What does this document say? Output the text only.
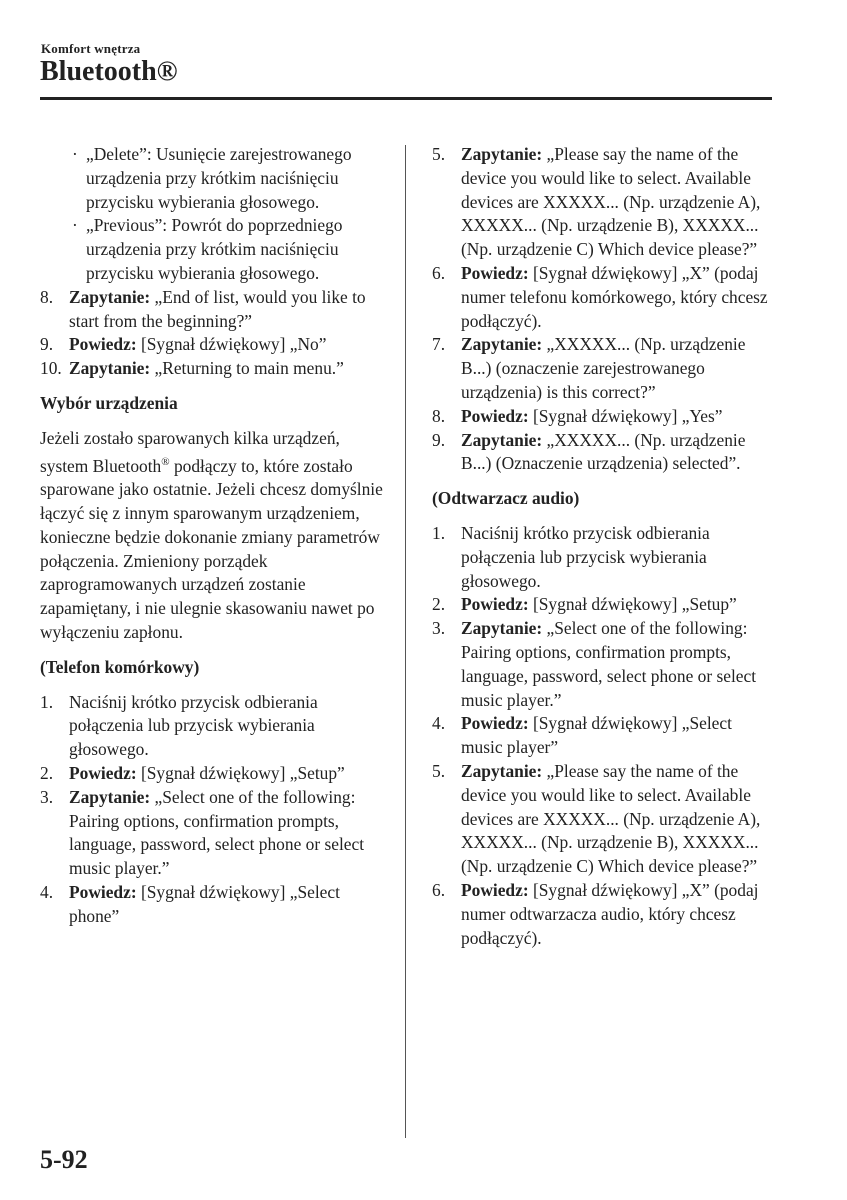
Komfort wnętrza
Bluetooth®
· „Delete”: Usunięcie zarejestrowanego urządzenia przy krótkim naciśnięciu przycisku wybierania głosowego.
· „Previous”: Powrót do poprzedniego urządzenia przy krótkim naciśnięciu przycisku wybierania głosowego.
8. Zapytanie: „End of list, would you like to start from the beginning?”
9. Powiedz: [Sygnał dźwiękowy] „No”
10. Zapytanie: „Returning to main menu.”
Wybór urządzenia
Jeżeli zostało sparowanych kilka urządzeń, system Bluetooth® podłączy to, które zostało sparowane jako ostatnie. Jeżeli chcesz domyślnie łączyć się z innym sparowanym urządzeniem, konieczne będzie dokonanie zmiany parametrów połączenia. Zmieniony porządek zaprogramowanych urządzeń zostanie zapamiętany, i nie ulegnie skasowaniu nawet po wyłączeniu zapłonu.
(Telefon komórkowy)
1. Naciśnij krótko przycisk odbierania połączenia lub przycisk wybierania głosowego.
2. Powiedz: [Sygnał dźwiękowy] „Setup”
3. Zapytanie: „Select one of the following: Pairing options, confirmation prompts, language, password, select phone or select music player.”
4. Powiedz: [Sygnał dźwiękowy] „Select phone”
5. Zapytanie: „Please say the name of the device you would like to select. Available devices are XXXXX... (Np. urządzenie A), XXXXX... (Np. urządzenie B), XXXXX... (Np. urządzenie C) Which device please?”
6. Powiedz: [Sygnał dźwiękowy] „X” (podaj numer telefonu komórkowego, który chcesz podłączyć).
7. Zapytanie: „XXXXX... (Np. urządzenie B...) (oznaczenie zarejestrowanego urządzenia) is this correct?”
8. Powiedz: [Sygnał dźwiękowy] „Yes”
9. Zapytanie: „XXXXX... (Np. urządzenie B...) (Oznaczenie urządzenia) selected”.
(Odtwarzacz audio)
1. Naciśnij krótko przycisk odbierania połączenia lub przycisk wybierania głosowego.
2. Powiedz: [Sygnał dźwiękowy] „Setup”
3. Zapytanie: „Select one of the following: Pairing options, confirmation prompts, language, password, select phone or select music player.”
4. Powiedz: [Sygnał dźwiękowy] „Select music player”
5. Zapytanie: „Please say the name of the device you would like to select. Available devices are XXXXX... (Np. urządzenie A), XXXXX... (Np. urządzenie B), XXXXX... (Np. urządzenie C) Which device please?”
6. Powiedz: [Sygnał dźwiękowy] „X” (podaj numer odtwarzacza audio, który chcesz podłączyć).
5-92
